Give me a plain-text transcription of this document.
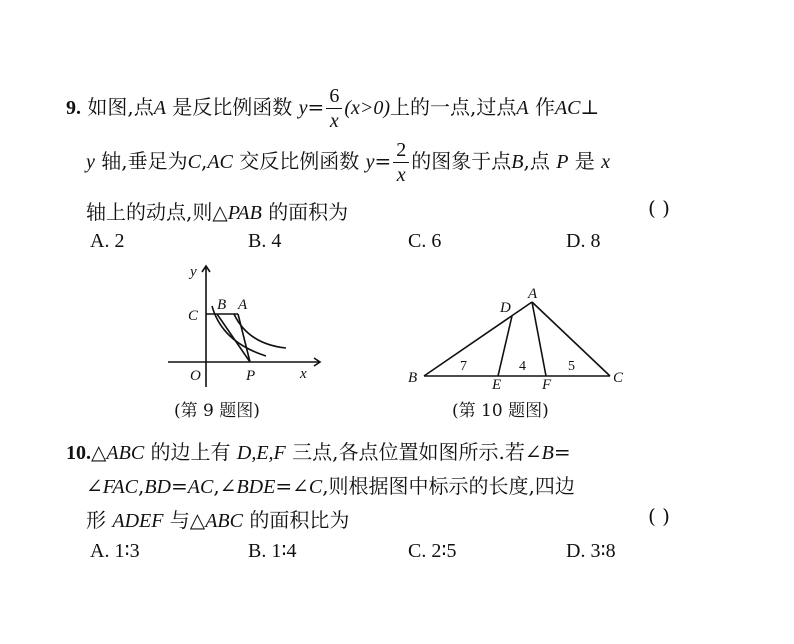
9. 如图,点A 是反比例函数 $y= \frac{6}{x} (x>0)$上的一点,过点A 作AC⊥
y 轴,垂足为C,AC 交反比例函数 $y= \frac{2}{x}$ 的图象于点B,点 P 是 x
轴上的动点,则△PAB 的面积为	( )
A. 2	B. 4	C. 6	D. 8
y
x
O
C
B A
P
(第 9 题图)
A
D
B	C
E	F
7	4	5
(第 10 题图)
10.△ABC 的边上有 D,E,F 三点,各点位置如图所示.若∠B=
∠FAC,BD=AC,∠BDE=∠C,则根据图中标示的长度,四边
形 ADEF 与△ABC 的面积比为	( )
A. 1∶3	B. 1∶4	C. 2∶5	D. 3∶8
